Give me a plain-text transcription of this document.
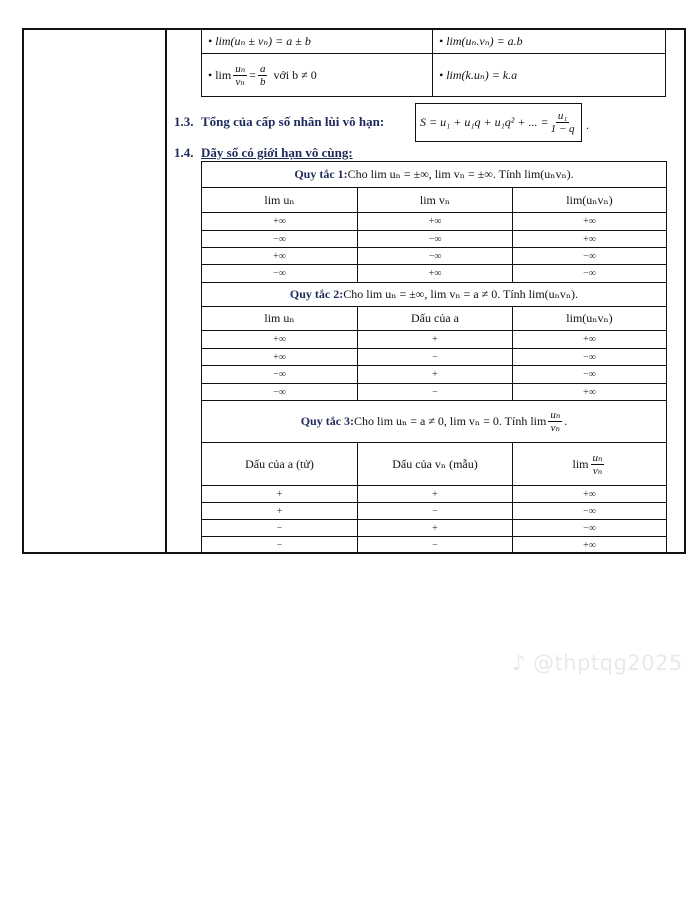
• lim(uₙ ± vₙ) = a ± b	• lim(uₙ.vₙ) = a.b
• $\lim \frac{\text{uₙ}}{\text{vₙ}} = \frac{a}{b}$ với b ≠ 0	• lim(k.uₙ) = k.a
1.3. Tổng của cấp số nhân lùi vô hạn:	S = u₁ + u₁q + u₁q² + ... = $\frac{\text{u₁}}{1 - q}$ .
1.4. Dãy số có giới hạn vô cùng:
Quy tắc 1: Cho lim uₙ = ±∞, lim vₙ = ±∞. Tính lim(uₙvₙ).
lim uₙ	lim vₙ	lim(uₙvₙ)
+∞	+∞	+∞
−∞	−∞	+∞
+∞	−∞	−∞
−∞	+∞	−∞
Quy tắc 2: Cho lim uₙ = ±∞, lim vₙ = a ≠ 0. Tính lim(uₙvₙ).
lim uₙ	Dấu của a	lim(uₙvₙ)
+∞	+	+∞
+∞	−	−∞
−∞	+	−∞
−∞	−	+∞
Quy tắc 3: Cho lim uₙ = a ≠ 0, lim vₙ = 0. Tính $\lim \frac{\text{uₙ}}{\text{vₙ}}$ .
Dấu của a (tử)	Dấu của vₙ (mẫu)	$\lim \frac{\text{uₙ}}{\text{vₙ}}$
+	+	+∞
+	−	−∞
−	+	−∞
−	−	+∞
♪ @thptqg2025
